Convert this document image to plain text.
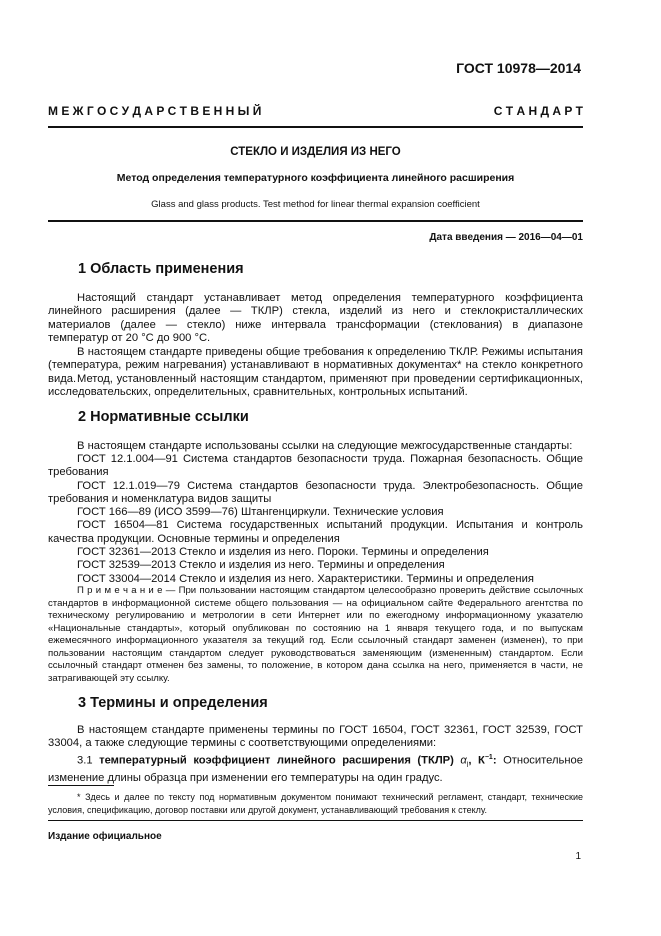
ГОСТ 10978—2014
М Е Ж Г О С У Д А Р С Т В Е Н Н Ы Й	С Т А Н Д А Р Т
СТЕКЛО И ИЗДЕЛИЯ ИЗ НЕГО
Метод определения температурного коэффициента линейного расширения
Glass and glass products. Test method for linear thermal expansion coefficient
Дата введения — 2016—04—01
1 Область применения

Настоящий стандарт устанавливает метод определения температурного коэффициента линейного расширения (далее — ТКЛР) стекла, изделий из него и стеклокристаллических материалов (далее — стекло) ниже интервала трансформации (стеклования) в диапазоне температур от 20 °С до 900 °С.

В настоящем стандарте приведены общие требования к определению ТКЛР. Режимы испытания (температура, режим нагревания) устанавливают в нормативных документах* на стекло конкретного вида. Метод, установленный настоящим стандартом, применяют при проведении сертификационных, исследовательских, определительных, сравнительных, контрольных испытаний.

2 Нормативные ссылки

В настоящем стандарте использованы ссылки на следующие межгосударственные стандарты:

ГОСТ 12.1.004—91 Система стандартов безопасности труда. Пожарная безопасность. Общие требования
ГОСТ 12.1.019—79 Система стандартов безопасности труда. Электробезопасность. Общие требования и номенклатура видов защиты
ГОСТ 166—89 (ИСО 3599—76) Штангенциркули. Технические условия
ГОСТ 16504—81 Система государственных испытаний продукции. Испытания и контроль качества продукции. Основные термины и определения
ГОСТ 32361—2013 Стекло и изделия из него. Пороки. Термины и определения
ГОСТ 32539—2013 Стекло и изделия из него. Термины и определения
ГОСТ 33004—2014 Стекло и изделия из него. Характеристики. Термины и определения

П р и м е ч а н и е — При пользовании настоящим стандартом целесообразно проверить действие ссылочных стандартов в информационной системе общего пользования — на официальном сайте Федерального агентства по техническому регулированию и метрологии в сети Интернет или по ежегодному информационному указателю «Национальные стандарты», который опубликован по состоянию на 1 января текущего года, и по выпускам ежемесячного информационного указателя за текущий год. Если ссылочный стандарт заменен (изменен), то при пользовании настоящим стандартом следует руководствоваться заменяющим (измененным) стандартом. Если ссылочный стандарт отменен без замены, то положение, в котором дана ссылка на него, применяется в части, не затрагивающей эту ссылку.

3 Термины и определения

В настоящем стандарте применены термины по ГОСТ 16504, ГОСТ 32361, ГОСТ 32539, ГОСТ 33004, а также следующие термины с соответствующими определениями:

3.1 температурный коэффициент линейного расширения (ТКЛР) $\alpha_l$, $К^{-1}$: Относительное изменение длины образца при изменении его температуры на один градус.

* Здесь и далее по тексту под нормативным документом понимают технический регламент, стандарт, технические условия, спецификацию, договор поставки или другой документ, устанавливающий требования к стеклу.

Издание официальное
1
